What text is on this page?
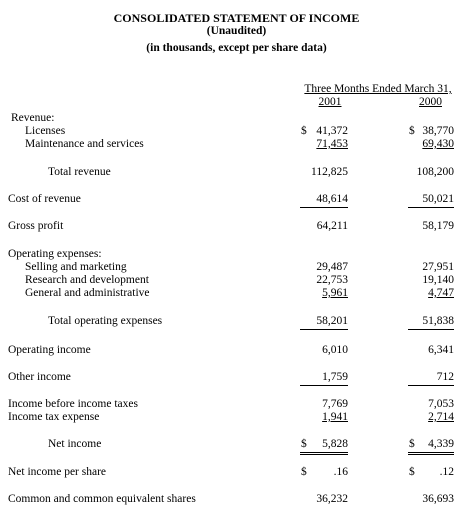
CONSOLIDATED STATEMENT OF INCOME
(Unaudited)
(in thousands, except per share data)
Three Months Ended March 31,
2001	2000
Revenue:
Licenses	$ 41,372	$ 38,770
Maintenance and services	71,453	69,430
Total revenue	112,825	108,200
Cost of revenue	48,614	50,021
Gross profit	64,211	58,179
Operating expenses:
Selling and marketing	29,487	27,951
Research and development	22,753	19,140
General and administrative	5,961	4,747
Total operating expenses	58,201	51,838
Operating income	6,010	6,341
Other income	1,759	712
Income before income taxes	7,769	7,053
Income tax expense	1,941	2,714
Net income	$	5,828	$	4,339
Net income per share	$	.16	$	.12
Common and common equivalent shares	36,232	36,693
